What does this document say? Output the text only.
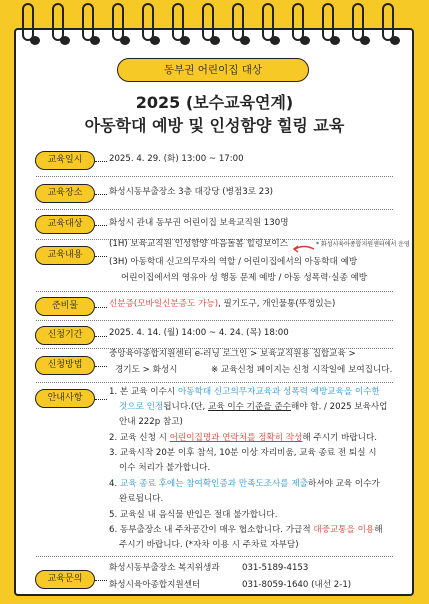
동부권 어린이집 대상
2025 (보수교육연계)
아동학대 예방 및 인성함양 힐링 교육
교육일시	2025. 4. 29. (화) 13:00 ~ 17:00
교육장소	화성시동부출장소 3층 대강당 (병점3로 23)
교육대상	화성시 관내 동부권 어린이집 보육교직원 130명
교육내용
(1H) 보육교직원 인성함양 마음돌봄 힐링보이스	* 화성시육아종합지원센터에서 운영
(3H) 아동학대 신고의무자의 역할 / 어린이집에서의 아동학대 예방
어린이집에서의 영유아 성 행동 문제 예방 / 아동 성폭력·실종 예방
준비물	신분증(모바일신분증도 가능), 필기도구, 개인물통(뚜껑있는)
신청기간	2025. 4. 14. (월) 14:00 ~ 4. 24. (목) 18:00
신청방법
중앙육아종합지원센터 e-러닝 로그인 > 보육교직원용 집합교육 >
경기도 > 화성시	※ 교육신청 페이지는 신청 시작일에 보여집니다.
안내사항
1. 본 교육 이수시 아동학대 신고의무자교육과 성폭력 예방교육을 이수한
것으로 인정됩니다.(단, 교육 이수 기준을 준수해야 함. / 2025 보육사업
안내 222p 참고)
2. 교육 신청 시 어린이집명과 연락처를 정확히 작성해 주시기 바랍니다.
3. 교육시작 20분 이후 참석, 10분 이상 자리비움, 교육 종료 전 퇴실 시
이수 처리가 불가합니다.
4. 교육 종료 후에는 참여확인증과 만족도조사를 제출하셔야 교육 이수가
완료됩니다.
5. 교육실 내 음식물 반입은 절대 불가합니다.
6. 동부출장소 내 주차공간이 매우 협소합니다. 가급적 대중교통을 이용해
주시기 바랍니다. (*자차 이용 시 주차료 자부담)
교육문의
화성시동부출장소 복지위생과	031-5189-4153
화성시육아종합지원센터	031-8059-1640 (내선 2-1)
